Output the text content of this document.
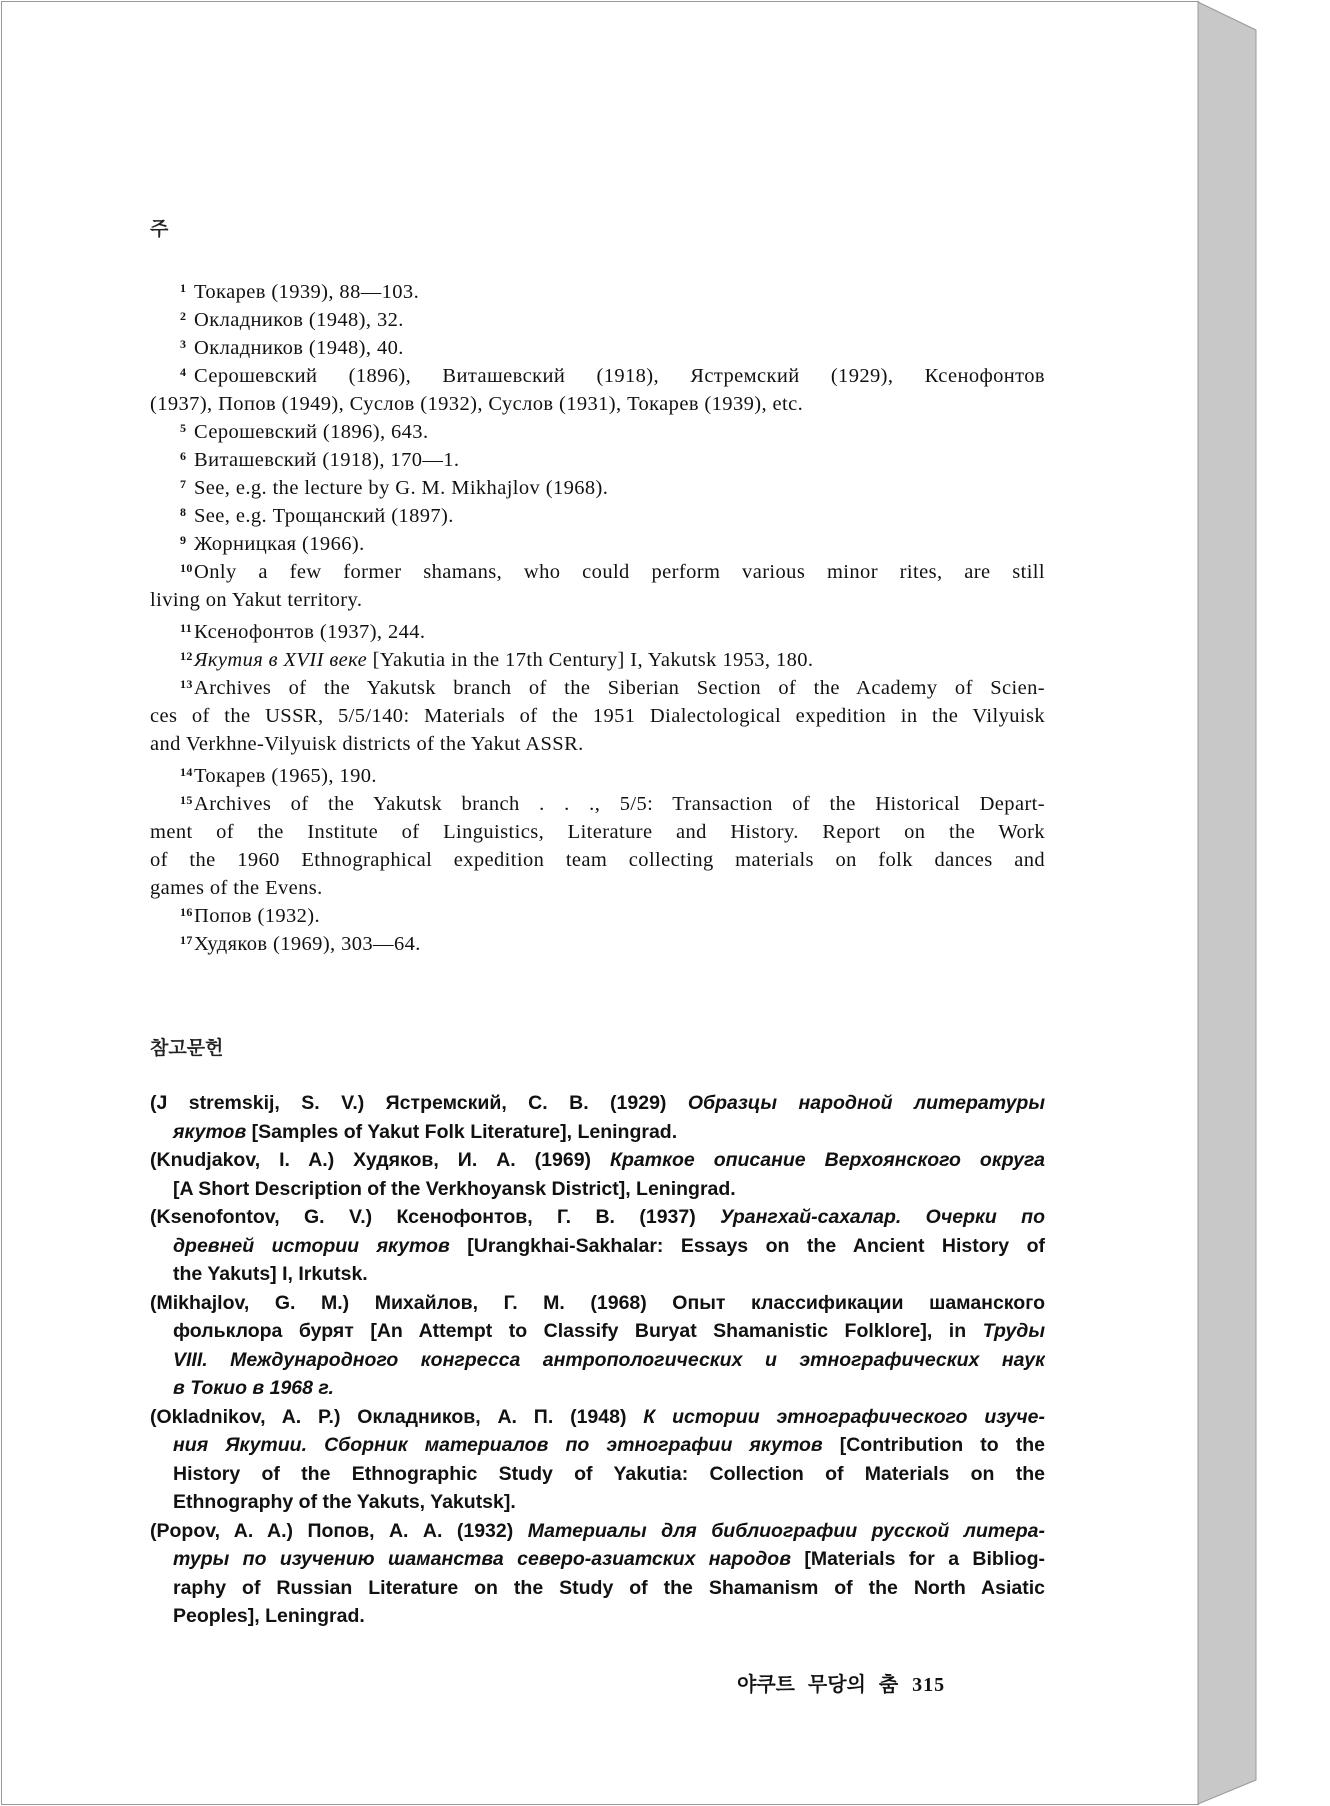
주
1 Токарев (1939), 88—103.
2 Окладников (1948), 32.
3 Окладников (1948), 40.
4 Серошевский (1896), Виташевский (1918), Ястремский (1929), Ксенофонтов
(1937), Попов (1949), Суслов (1932), Суслов (1931), Токарев (1939), etc.
5 Серошевский (1896), 643.
6 Виташевский (1918), 170—1.
7 See, e.g. the lecture by G. M. Mikhajlov (1968).
8 See, e.g. Трощанский (1897).
9 Жорницкая (1966).
10 Only a few former shamans, who could perform various minor rites, are still
living on Yakut territory.
11 Ксенофонтов (1937), 244.
12 Якутия в XVII веке [Yakutia in the 17th Century] I, Yakutsk 1953, 180.
13 Archives of the Yakutsk branch of the Siberian Section of the Academy of Scien-
ces of the USSR, 5/5/140: Materials of the 1951 Dialectological expedition in the Vilyuisk
and Verkhne-Vilyuisk districts of the Yakut ASSR.
14 Токарев (1965), 190.
15 Archives of the Yakutsk branch . . ., 5/5: Transaction of the Historical Depart-
ment of the Institute of Linguistics, Literature and History. Report on the Work
of the 1960 Ethnographical expedition team collecting materials on folk dances and
games of the Evens.
16 Попов (1932).
17 Худяков (1969), 303—64.
참고문헌
(J stremskij, S. V.) Ястремский, С. В. (1929) Образцы народной литературы
якутов [Samples of Yakut Folk Literature], Leningrad.
(Knudjakov, I. A.) Худяков, И. А. (1969) Краткое описание Верхоянского округа
[A Short Description of the Verkhoyansk District], Leningrad.
(Ksenofontov, G. V.) Ксенофонтов, Г. В. (1937) Урангхай-сахалар. Очерки по
древней истории якутов [Urangkhai-Sakhalar: Essays on the Ancient History of
the Yakuts] I, Irkutsk.
(Mikhajlov, G. M.) Михайлов, Г. М. (1968) Опыт классификации шаманского
фольклора бурят [An Attempt to Classify Buryat Shamanistic Folklore], in Труды
VIII. Международного конгресса антропологических и этнографических наук
в Токио в 1968 г.
(Okladnikov, A. P.) Окладников, А. П. (1948) К истории этнографического изуче-
ния Якутии. Сборник материалов по этнографии якутов [Contribution to the
History of the Ethnographic Study of Yakutia: Collection of Materials on the
Ethnography of the Yakuts, Yakutsk].
(Popov, A. A.) Попов, А. А. (1932) Материалы для библиографии русской литера-
туры по изучению шаманства северо-азиатских народов [Materials for a Bibliog-
raphy of Russian Literature on the Study of the Shamanism of the North Asiatic
Peoples], Leningrad.
야쿠트 무당의 춤 315
